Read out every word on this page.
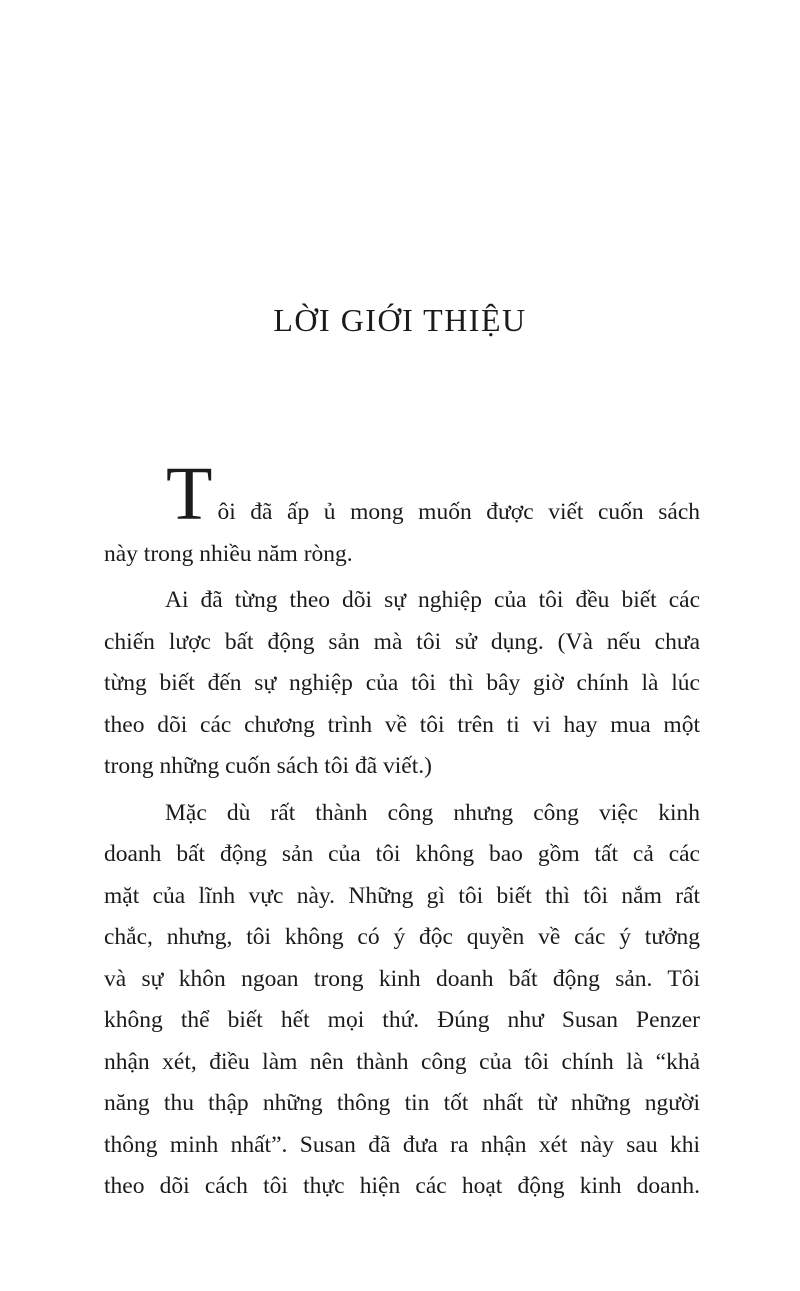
LỜI GIỚI THIỆU
Tôi đã ấp ủ mong muốn được viết cuốn sách
này trong nhiều năm ròng.
Ai đã từng theo dõi sự nghiệp của tôi đều biết các
chiến lược bất động sản mà tôi sử dụng. (Và nếu chưa
từng biết đến sự nghiệp của tôi thì bây giờ chính là lúc
theo dõi các chương trình về tôi trên ti vi hay mua một
trong những cuốn sách tôi đã viết.)
Mặc dù rất thành công nhưng công việc kinh
doanh bất động sản của tôi không bao gồm tất cả các
mặt của lĩnh vực này. Những gì tôi biết thì tôi nắm rất
chắc, nhưng, tôi không có ý độc quyền về các ý tưởng
và sự khôn ngoan trong kinh doanh bất động sản. Tôi
không thể biết hết mọi thứ. Đúng như Susan Penzer
nhận xét, điều làm nên thành công của tôi chính là “khả
năng thu thập những thông tin tốt nhất từ những người
thông minh nhất”. Susan đã đưa ra nhận xét này sau khi
theo dõi cách tôi thực hiện các hoạt động kinh doanh.
